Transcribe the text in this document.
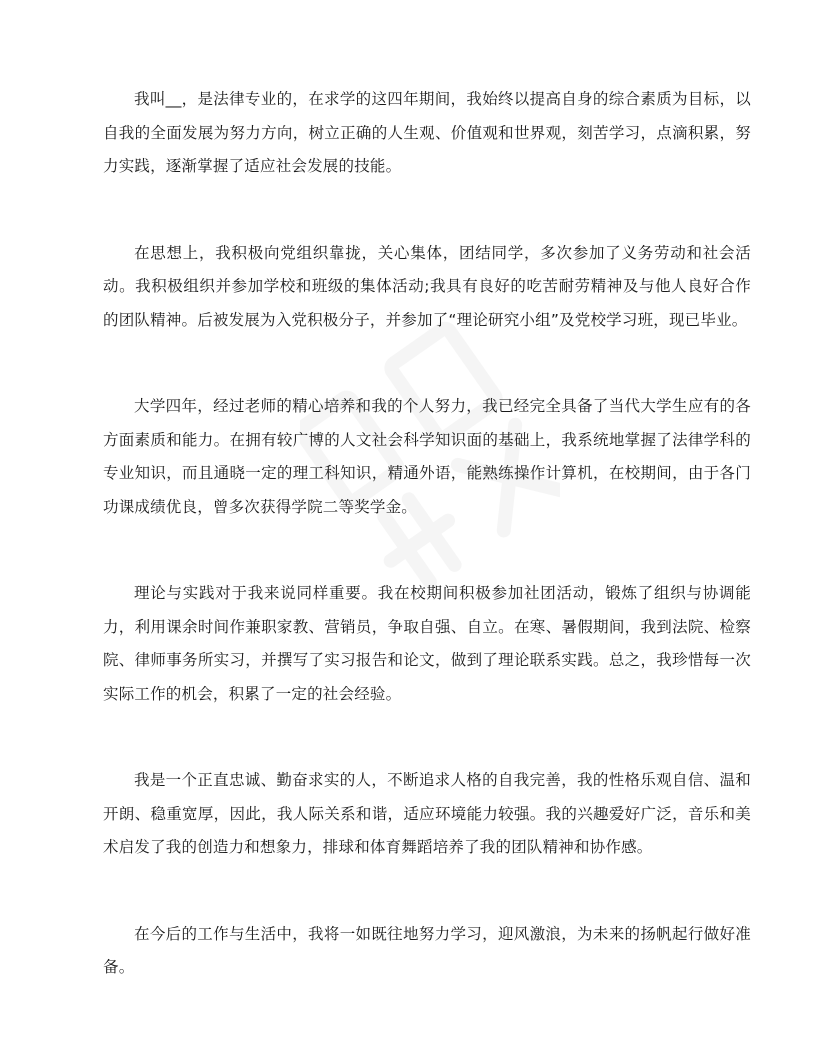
我叫__，是法律专业的，在求学的这四年期间，我始终以提高自身的综合素质为目标，以自我的全面发展为努力方向，树立正确的人生观、价值观和世界观，刻苦学习，点滴积累，努力实践，逐渐掌握了适应社会发展的技能。

在思想上，我积极向党组织靠拢，关心集体，团结同学，多次参加了义务劳动和社会活动。我积极组织并参加学校和班级的集体活动;我具有良好的吃苦耐劳精神及与他人良好合作的团队精神。后被发展为入党积极分子，并参加了“理论研究小组”及党校学习班，现已毕业。

大学四年，经过老师的精心培养和我的个人努力，我已经完全具备了当代大学生应有的各方面素质和能力。在拥有较广博的人文社会科学知识面的基础上，我系统地掌握了法律学科的专业知识，而且通晓一定的理工科知识，精通外语，能熟练操作计算机，在校期间，由于各门功课成绩优良，曾多次获得学院二等奖学金。

理论与实践对于我来说同样重要。我在校期间积极参加社团活动，锻炼了组织与协调能力，利用课余时间作兼职家教、营销员，争取自强、自立。在寒、暑假期间，我到法院、检察院、律师事务所实习，并撰写了实习报告和论文，做到了理论联系实践。总之，我珍惜每一次实际工作的机会，积累了一定的社会经验。

我是一个正直忠诚、勤奋求实的人，不断追求人格的自我完善，我的性格乐观自信、温和开朗、稳重宽厚，因此，我人际关系和谐，适应环境能力较强。我的兴趣爱好广泛，音乐和美术启发了我的创造力和想象力，排球和体育舞蹈培养了我的团队精神和协作感。

在今后的工作与生活中，我将一如既往地努力学习，迎风激浪，为未来的扬帆起行做好准备。
